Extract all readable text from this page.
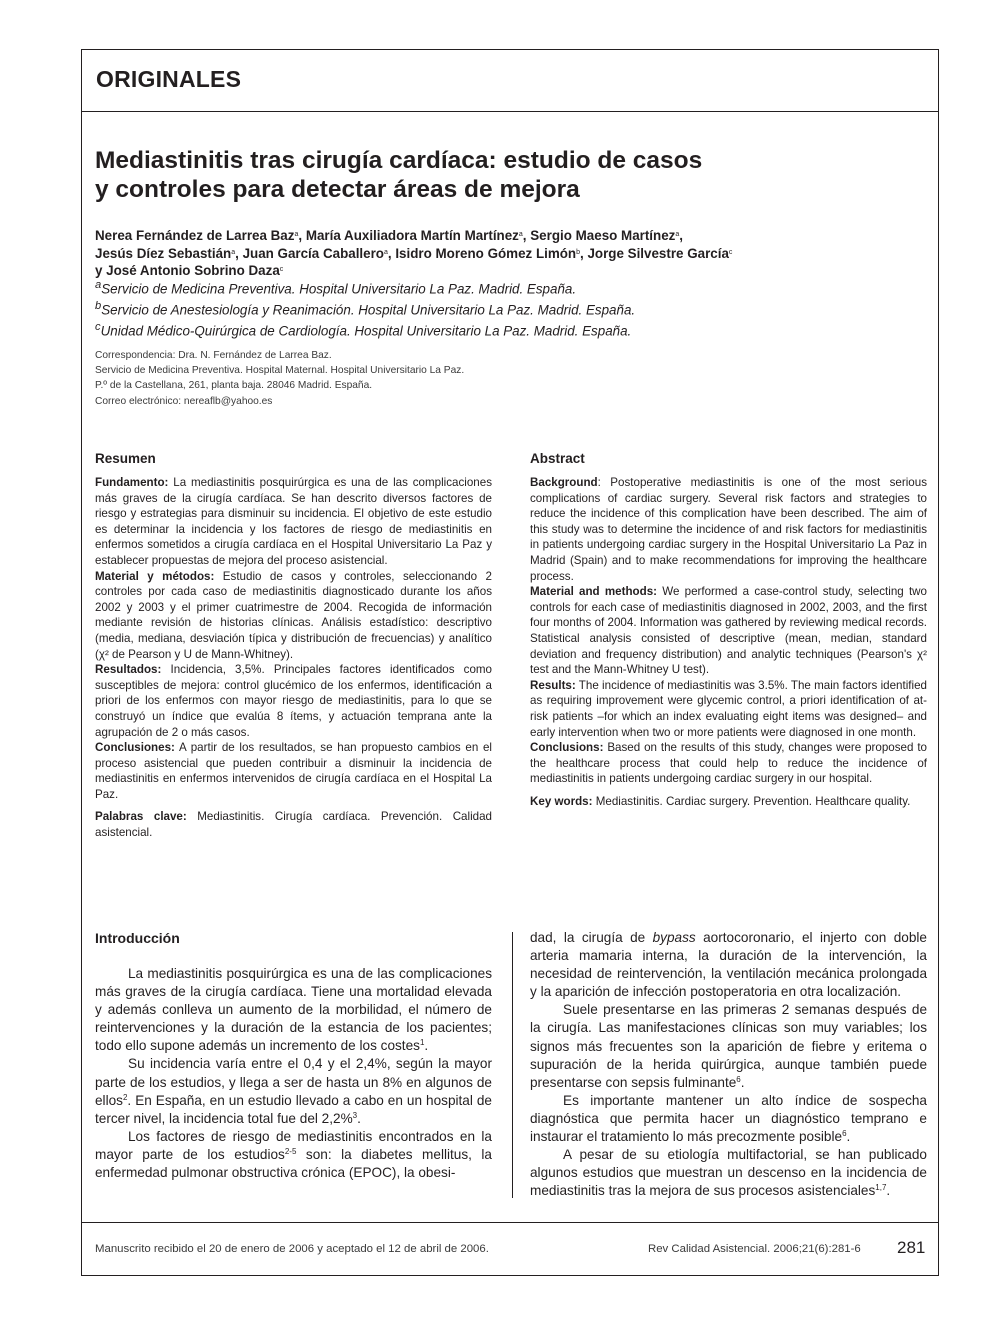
ORIGINALES
Mediastinitis tras cirugía cardíaca: estudio de casos
y controles para detectar áreas de mejora
Nerea Fernández de Larrea Baz$^a$, María Auxiliadora Martín Martínez$^a$, Sergio Maeso Martínez$^a$,
Jesús Díez Sebastián$^a$, Juan García Caballero$^a$, Isidro Moreno Gómez Limón$^b$, Jorge Silvestre García$^c$
y José Antonio Sobrino Daza$^c$
$^a$Servicio de Medicina Preventiva. Hospital Universitario La Paz. Madrid. España.
$^b$Servicio de Anestesiología y Reanimación. Hospital Universitario La Paz. Madrid. España.
$^c$Unidad Médico-Quirúrgica de Cardiología. Hospital Universitario La Paz. Madrid. España.
Correspondencia: Dra. N. Fernández de Larrea Baz.
Servicio de Medicina Preventiva. Hospital Maternal. Hospital Universitario La Paz.
P.º de la Castellana, 261, planta baja. 28046 Madrid. España.
Correo electrónico: nereaflb@yahoo.es
Resumen

Fundamento: La mediastinitis posquirúrgica es una de las complicaciones más graves de la cirugía cardíaca. Se han descrito diversos factores de riesgo y estrategias para disminuir su incidencia. El objetivo de este estudio es determinar la incidencia y los factores de riesgo de mediastinitis en enfermos sometidos a cirugía cardíaca en el Hospital Universitario La Paz y establecer propuestas de mejora del proceso asistencial.

Material y métodos: Estudio de casos y controles, seleccionando 2 controles por cada caso de mediastinitis diagnosticado durante los años 2002 y 2003 y el primer cuatrimestre de 2004. Recogida de información mediante revisión de historias clínicas. Análisis estadístico: descriptivo (media, mediana, desviación típica y distribución de frecuencias) y analítico (χ² de Pearson y U de Mann-Whitney).

Resultados: Incidencia, 3,5%. Principales factores identificados como susceptibles de mejora: control glucémico de los enfermos, identificación a priori de los enfermos con mayor riesgo de mediastinitis, para lo que se construyó un índice que evalúa 8 ítems, y actuación temprana ante la agrupación de 2 o más casos.

Conclusiones: A partir de los resultados, se han propuesto cambios en el proceso asistencial que pueden contribuir a disminuir la incidencia de mediastinitis en enfermos intervenidos de cirugía cardíaca en el Hospital La Paz.

Palabras clave: Mediastinitis. Cirugía cardíaca. Prevención. Calidad asistencial.

Abstract

Background: Postoperative mediastinitis is one of the most serious complications of cardiac surgery. Several risk factors and strategies to reduce the incidence of this complication have been described. The aim of this study was to determine the incidence of and risk factors for mediastinitis in patients undergoing cardiac surgery in the Hospital Universitario La Paz in Madrid (Spain) and to make recommendations for improving the healthcare process.

Material and methods: We performed a case-control study, selecting two controls for each case of mediastinitis diagnosed in 2002, 2003, and the first four months of 2004. Information was gathered by reviewing medical records. Statistical analysis consisted of descriptive (mean, median, standard deviation and frequency distribution) and analytic techniques (Pearson's χ² test and the Mann-Whitney U test).

Results: The incidence of mediastinitis was 3.5%. The main factors identified as requiring improvement were glycemic control, a priori identification of at-risk patients –for which an index evaluating eight items was designed– and early intervention when two or more patients were diagnosed in one month.

Conclusions: Based on the results of this study, changes were proposed to the healthcare process that could help to reduce the incidence of mediastinitis in patients undergoing cardiac surgery in our hospital.

Key words: Mediastinitis. Cardiac surgery. Prevention. Healthcare quality.

Introducción

La mediastinitis posquirúrgica es una de las complicaciones más graves de la cirugía cardíaca. Tiene una mortalidad elevada y además conlleva un aumento de la morbilidad, el número de reintervenciones y la duración de la estancia de los pacientes; todo ello supone además un incremento de los costes$^1$.

Su incidencia varía entre el 0,4 y el 2,4%, según la mayor parte de los estudios, y llega a ser de hasta un 8% en algunos de ellos$^2$. En España, en un estudio llevado a cabo en un hospital de tercer nivel, la incidencia total fue del 2,2%$^3$.

Los factores de riesgo de mediastinitis encontrados en la mayor parte de los estudios$^{2-5}$ son: la diabetes mellitus, la enfermedad pulmonar obstructiva crónica (EPOC), la obesi-

dad, la cirugía de bypass aortocoronario, el injerto con doble arteria mamaria interna, la duración de la intervención, la necesidad de reintervención, la ventilación mecánica prolongada y la aparición de infección postoperatoria en otra localización.

Suele presentarse en las primeras 2 semanas después de la cirugía. Las manifestaciones clínicas son muy variables; los signos más frecuentes son la aparición de fiebre y eritema o supuración de la herida quirúrgica, aunque también puede presentarse con sepsis fulminante$^6$.

Es importante mantener un alto índice de sospecha diagnóstica que permita hacer un diagnóstico temprano e instaurar el tratamiento lo más precozmente posible$^6$.

A pesar de su etiología multifactorial, se han publicado algunos estudios que muestran un descenso en la incidencia de mediastinitis tras la mejora de sus procesos asistenciales$^{1,7}$.

Manuscrito recibido el 20 de enero de 2006 y aceptado el 12 de abril de 2006.	Rev Calidad Asistencial. 2006;21(6):281-6 281
